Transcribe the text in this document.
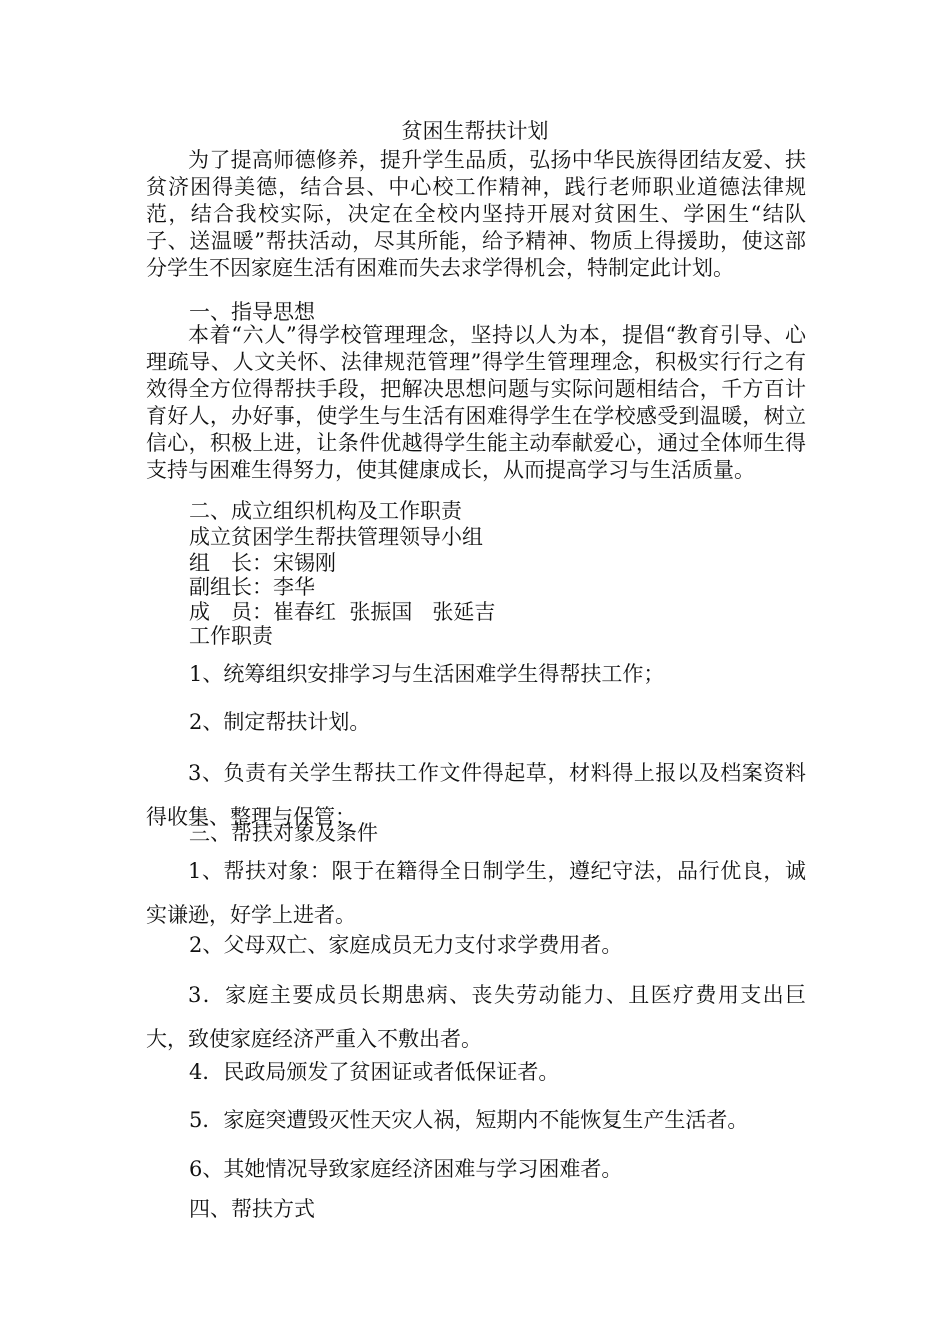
贫困生帮扶计划

为了提高师德修养，提升学生品质，弘扬中华民族得团结友爱、扶贫济困得美德，结合县、中心校工作精神，践行老师职业道德法律规范，结合我校实际，决定在全校内坚持开展对贫困生、学困生“结队子、送温暖”帮扶活动，尽其所能，给予精神、物质上得援助，使这部分学生不因家庭生活有困难而失去求学得机会，特制定此计划。

一、指导思想

本着“六人”得学校管理理念，坚持以人为本，提倡“教育引导、心理疏导、人文关怀、法律规范管理”得学生管理理念，积极实行行之有效得全方位得帮扶手段，把解决思想问题与实际问题相结合，千方百计育好人，办好事，使学生与生活有困难得学生在学校感受到温暖，树立信心，积极上进，让条件优越得学生能主动奉献爱心，通过全体师生得支持与困难生得努力，使其健康成长，从而提高学习与生活质量。

二、成立组织机构及工作职责

成立贫困学生帮扶管理领导小组

组　长：宋锡刚

副组长：李华

成　员：崔春红  张振国   张延吉

工作职责

1、统筹组织安排学习与生活困难学生得帮扶工作；

2、制定帮扶计划。

3、负责有关学生帮扶工作文件得起草，材料得上报以及档案资料得收集、整理与保管；

三、帮扶对象及条件

1、帮扶对象：限于在籍得全日制学生，遵纪守法，品行优良，诚实谦逊，好学上进者。

2、父母双亡、家庭成员无力支付求学费用者。

3．家庭主要成员长期患病、丧失劳动能力、且医疗费用支出巨大，致使家庭经济严重入不敷出者。

4．民政局颁发了贫困证或者低保证者。

5．家庭突遭毁灭性天灾人祸，短期内不能恢复生产生活者。

6、其她情况导致家庭经济困难与学习困难者。

四、帮扶方式
